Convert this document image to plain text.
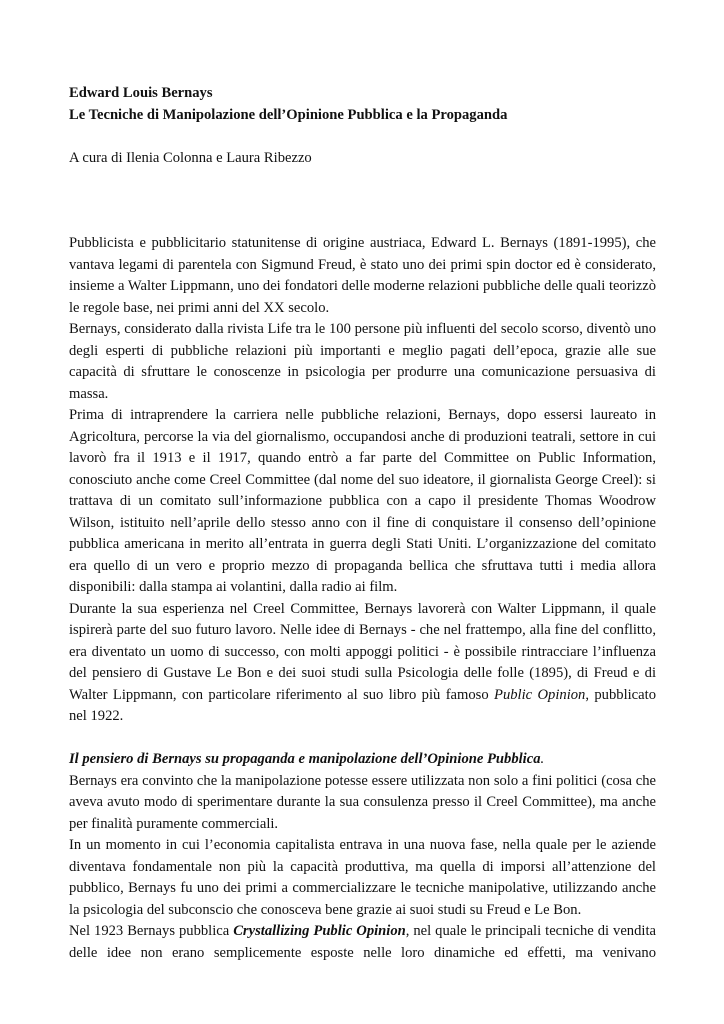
Edward Louis Bernays

Le Tecniche di Manipolazione dell’Opinione Pubblica e la Propaganda

A cura di Ilenia Colonna e Laura Ribezzo

Pubblicista e pubblicitario statunitense di origine austriaca, Edward L. Bernays (1891-1995), che vantava legami di parentela con Sigmund Freud, è stato uno dei primi spin doctor ed è considerato, insieme a Walter Lippmann, uno dei fondatori delle moderne relazioni pubbliche delle quali teorizzò le regole base, nei primi anni del XX secolo.

Bernays, considerato dalla rivista Life tra le 100 persone più influenti del secolo scorso, diventò uno degli esperti di pubbliche relazioni più importanti e meglio pagati dell’epoca, grazie alle sue capacità di sfruttare le conoscenze in psicologia per produrre una comunicazione persuasiva di massa.

Prima di intraprendere la carriera nelle pubbliche relazioni, Bernays, dopo essersi laureato in Agricoltura, percorse la via del giornalismo, occupandosi anche di produzioni teatrali, settore in cui lavorò fra il 1913 e il 1917, quando entrò a far parte del Committee on Public Information, conosciuto anche come Creel Committee (dal nome del suo ideatore, il giornalista George Creel): si trattava di un comitato sull’informazione pubblica con a capo il presidente Thomas Woodrow Wilson, istituito nell’aprile dello stesso anno con il fine di conquistare il consenso dell’opinione pubblica americana in merito all’entrata in guerra degli Stati Uniti. L’organizzazione del comitato era quello di un vero e proprio mezzo di propaganda bellica che sfruttava tutti i media allora disponibili: dalla stampa ai volantini, dalla radio ai film.

Durante la sua esperienza nel Creel Committee, Bernays lavorerà con Walter Lippmann, il quale ispirerà parte del suo futuro lavoro. Nelle idee di Bernays - che nel frattempo, alla fine del conflitto, era diventato un uomo di successo, con molti appoggi politici - è possibile rintracciare l’influenza del pensiero di Gustave Le Bon e dei suoi studi sulla Psicologia delle folle (1895), di Freud e di Walter Lippmann, con particolare riferimento al suo libro più famoso Public Opinion, pubblicato nel 1922.

Il pensiero di Bernays su propaganda e manipolazione dell’Opinione Pubblica.

Bernays era convinto che la manipolazione potesse essere utilizzata non solo a fini politici (cosa che aveva avuto modo di sperimentare durante la sua consulenza presso il Creel Committee), ma anche per finalità puramente commerciali.

In un momento in cui l’economia capitalista entrava in una nuova fase, nella quale per le aziende diventava fondamentale non più la capacità produttiva, ma quella di imporsi all’attenzione del pubblico, Bernays fu uno dei primi a commercializzare le tecniche manipolative, utilizzando anche la psicologia del subconscio che conosceva bene grazie ai suoi studi su Freud e Le Bon.

Nel 1923 Bernays pubblica Crystallizing Public Opinion, nel quale le principali tecniche di vendita delle idee non erano semplicemente esposte nelle loro dinamiche ed effetti, ma venivano
